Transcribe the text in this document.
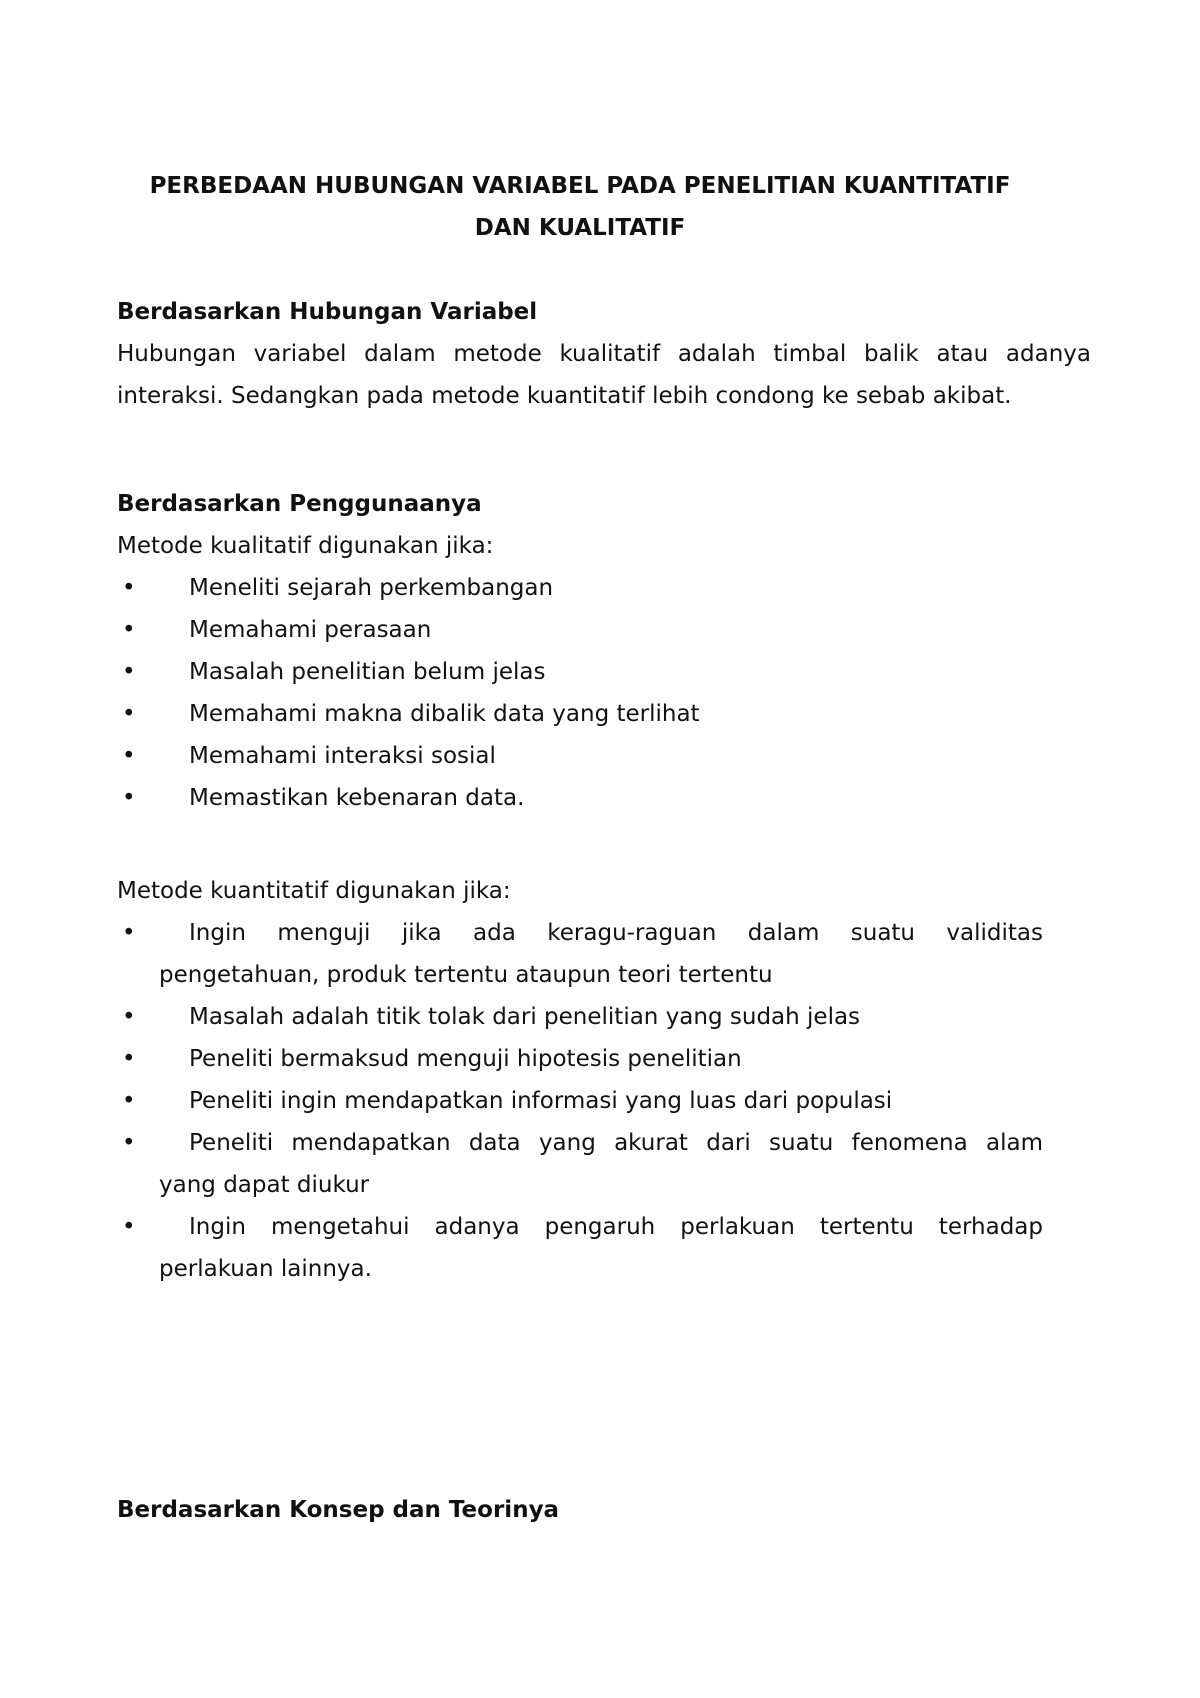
PERBEDAAN HUBUNGAN VARIABEL PADA PENELITIAN KUANTITATIF
DAN KUALITATIF
Berdasarkan Hubungan Variabel
Hubungan variabel dalam metode kualitatif adalah timbal balik atau adanya
interaksi. Sedangkan pada metode kuantitatif lebih condong ke sebab akibat.
Berdasarkan Penggunaanya

Metode kualitatif digunakan jika:

•	Meneliti sejarah perkembangan
•	Memahami perasaan
•	Masalah penelitian belum jelas
•	Memahami makna dibalik data yang terlihat
•	Memahami interaksi sosial
•	Memastikan kebenaran data.

Metode kuantitatif digunakan jika:

•	Ingin menguji jika ada keragu-raguan dalam suatu validitas
pengetahuan, produk tertentu ataupun teori tertentu
•	Masalah adalah titik tolak dari penelitian yang sudah jelas
•	Peneliti bermaksud menguji hipotesis penelitian
•	Peneliti ingin mendapatkan informasi yang luas dari populasi
•	Peneliti mendapatkan data yang akurat dari suatu fenomena alam
yang dapat diukur
•	Ingin mengetahui adanya pengaruh perlakuan tertentu terhadap
perlakuan lainnya.
Berdasarkan Konsep dan Teorinya
